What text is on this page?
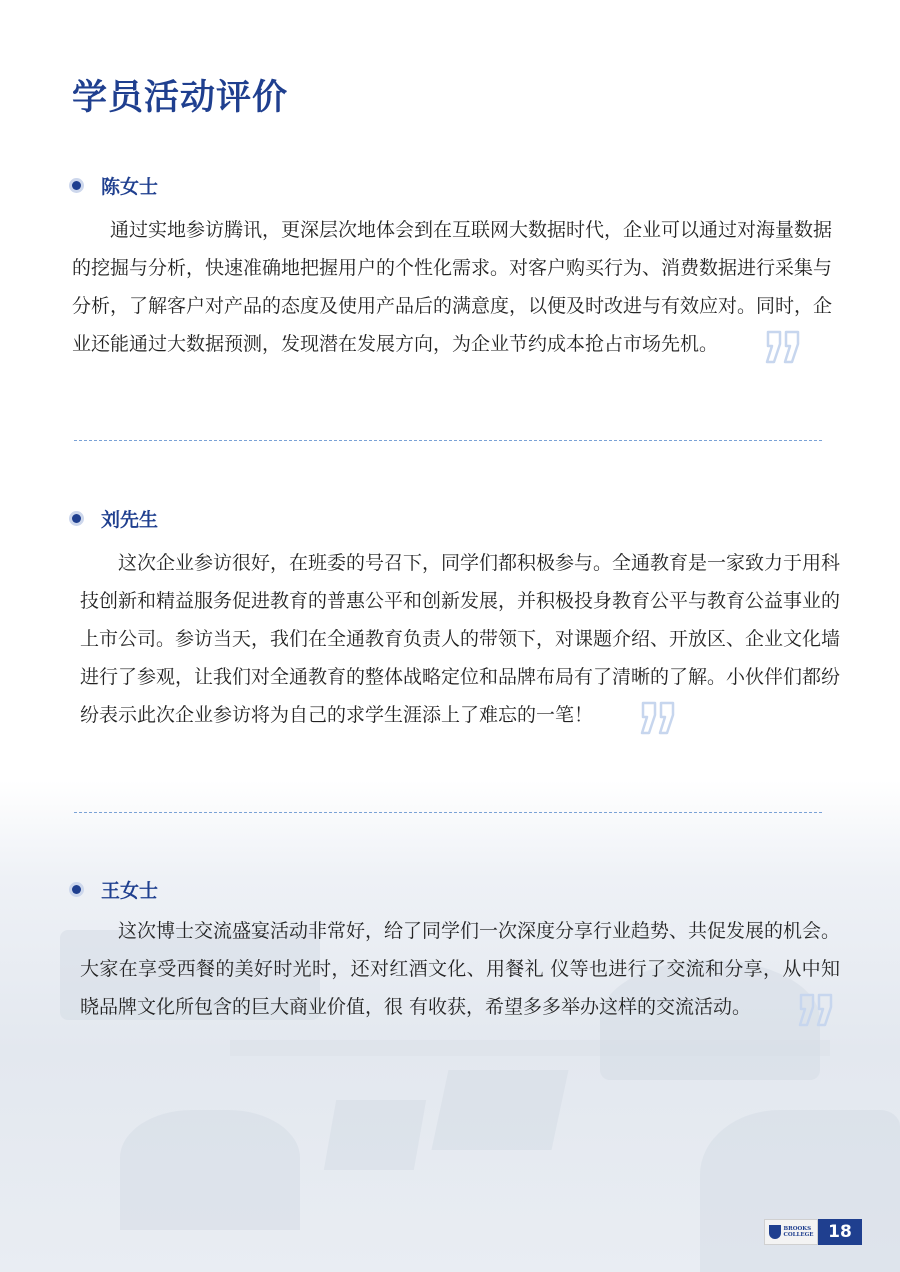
学员活动评价
陈女士

通过实地参访腾讯，更深层次地体会到在互联网大数据时代，企业可以通过对海量数据的挖掘与分析，快速准确地把握用户的个性化需求。对客户购买行为、消费数据进行采集与分析，了解客户对产品的态度及使用产品后的满意度，以便及时改进与有效应对。同时，企业还能通过大数据预测，发现潜在发展方向，为企业节约成本抢占市场先机。

刘先生

这次企业参访很好，在班委的号召下，同学们都积极参与。全通教育是一家致力于用科技创新和精益服务促进教育的普惠公平和创新发展，并积极投身教育公平与教育公益事业的上市公司。参访当天，我们在全通教育负责人的带领下，对课题介绍、开放区、企业文化墙进行了参观，让我们对全通教育的整体战略定位和品牌布局有了清晰的了解。小伙伴们都纷纷表示此次企业参访将为自己的求学生涯添上了难忘的一笔！

王女士

这次博士交流盛宴活动非常好，给了同学们一次深度分享行业趋势、共促发展的机会。大家在享受西餐的美好时光时，还对红酒文化、用餐礼 仪等也进行了交流和分享，从中知晓品牌文化所包含的巨大商业价值，很 有收获，希望多多举办这样的交流活动。

BROOKS
COLLEGE 18
